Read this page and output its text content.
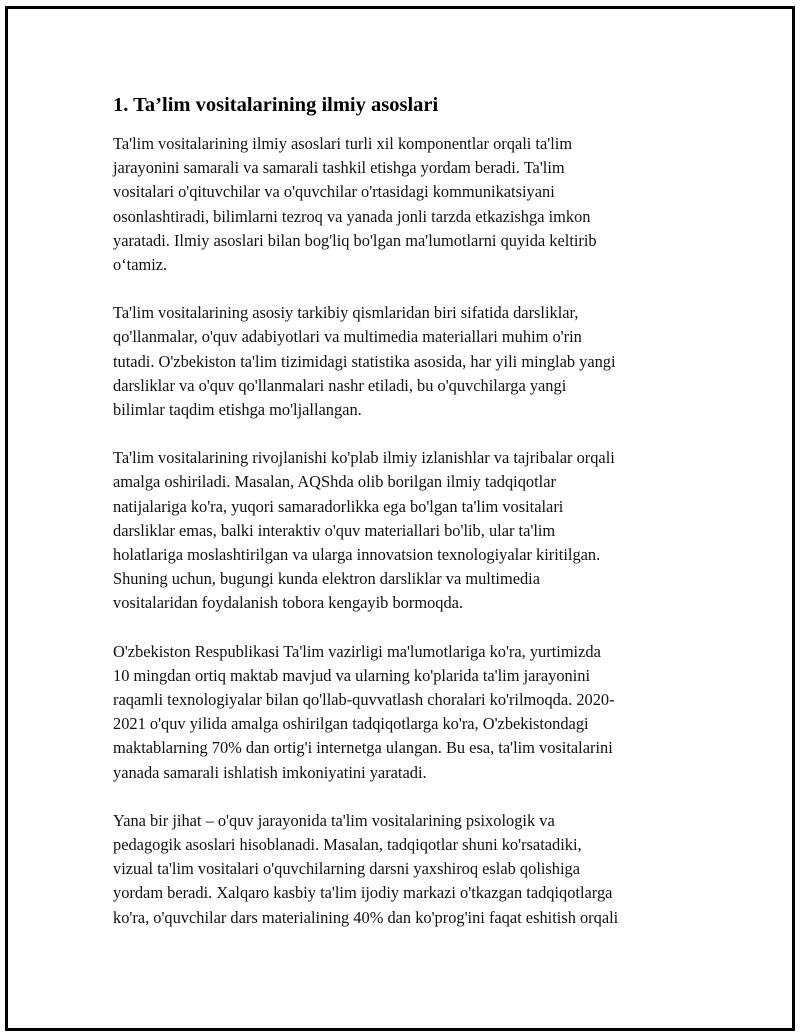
1. Ta’lim vositalarining ilmiy asoslari
Ta'lim vositalarining ilmiy asoslari turli xil komponentlar orqali ta'lim
jarayonini samarali va samarali tashkil etishga yordam beradi. Ta'lim
vositalari o'qituvchilar va o'quvchilar o'rtasidagi kommunikatsiyani
osonlashtiradi, bilimlarni tezroq va yanada jonli tarzda etkazishga imkon
yaratadi. Ilmiy asoslari bilan bog'liq bo'lgan ma'lumotlarni quyida keltirib
o‘tamiz.
Ta'lim vositalarining asosiy tarkibiy qismlaridan biri sifatida darsliklar,
qo'llanmalar, o'quv adabiyotlari va multimedia materiallari muhim o'rin
tutadi. O'zbekiston ta'lim tizimidagi statistika asosida, har yili minglab yangi
darsliklar va o'quv qo'llanmalari nashr etiladi, bu o'quvchilarga yangi
bilimlar taqdim etishga mo'ljallangan.
Ta'lim vositalarining rivojlanishi ko'plab ilmiy izlanishlar va tajribalar orqali
amalga oshiriladi. Masalan, AQShda olib borilgan ilmiy tadqiqotlar
natijalariga ko'ra, yuqori samaradorlikka ega bo'lgan ta'lim vositalari
darsliklar emas, balki interaktiv o'quv materiallari bo'lib, ular ta'lim
holatlariga moslashtirilgan va ularga innovatsion texnologiyalar kiritilgan.
Shuning uchun, bugungi kunda elektron darsliklar va multimedia
vositalaridan foydalanish tobora kengayib bormoqda.
O'zbekiston Respublikasi Ta'lim vazirligi ma'lumotlariga ko'ra, yurtimizda
10 mingdan ortiq maktab mavjud va ularning ko'plarida ta'lim jarayonini
raqamli texnologiyalar bilan qo'llab-quvvatlash choralari ko'rilmoqda. 2020-
2021 o'quv yilida amalga oshirilgan tadqiqotlarga ko'ra, O'zbekistondagi
maktablarning 70% dan ortig'i internetga ulangan. Bu esa, ta'lim vositalarini
yanada samarali ishlatish imkoniyatini yaratadi.
Yana bir jihat – o'quv jarayonida ta'lim vositalarining psixologik va
pedagogik asoslari hisoblanadi. Masalan, tadqiqotlar shuni ko'rsatadiki,
vizual ta'lim vositalari o'quvchilarning darsni yaxshiroq eslab qolishiga
yordam beradi. Xalqaro kasbiy ta'lim ijodiy markazi o'tkazgan tadqiqotlarga
ko'ra, o'quvchilar dars materialining 40% dan ko'prog'ini faqat eshitish orqali
